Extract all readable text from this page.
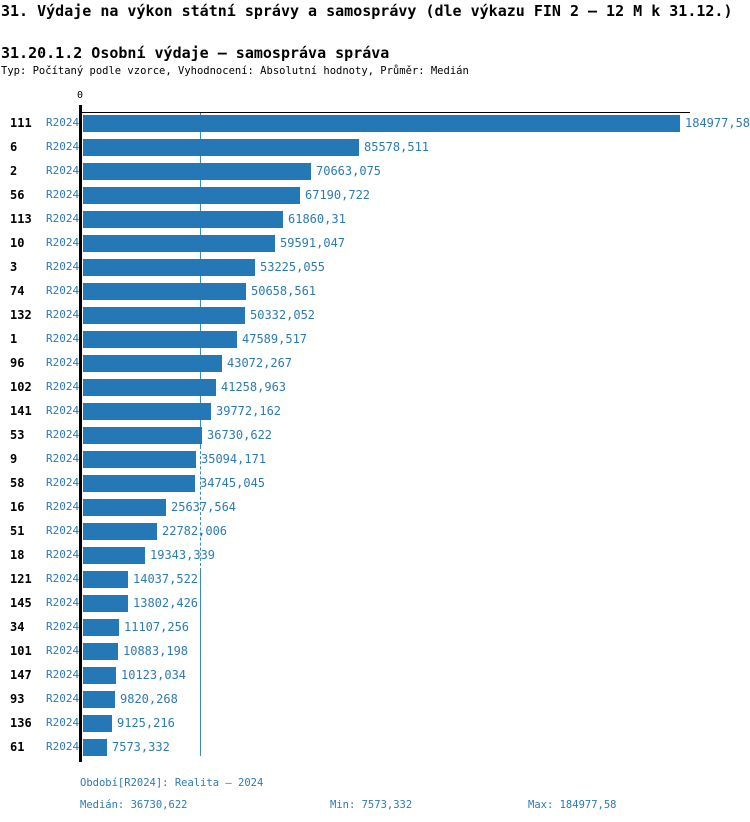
31. Výdaje na výkon státní správy a samosprávy (dle výkazu FIN 2 – 12 M k 31.12.)
31.20.1.2 Osobní výdaje – samospráva správa
Typ: Počítaný podle vzorce, Vyhodnocení: Absolutní hodnoty, Průměr: Medián
0
111 R2024	184977,58
6	R2024	85578,511
2	R2024	70663,075
56 R2024	67190,722
113 R2024	61860,31
10 R2024	59591,047
3	R2024	53225,055
74 R2024	50658,561
132 R2024	50332,052
1	R2024	47589,517
96 R2024	43072,267
102 R2024	41258,963
141 R2024	39772,162
53 R2024	36730,622
9	R2024	35094,171
58 R2024	34745,045
16 R2024	25637,564
51 R2024	22782,006
18 R2024	19343,339
121 R2024	14037,522
145 R2024	13802,426
34 R2024	11107,256
101 R2024	10883,198
147 R2024	10123,034
93 R2024	9820,268
136 R2024	9125,216
61 R2024	7573,332
Období[R2024]: Realita – 2024
Medián: 36730,622	Min: 7573,332	Max: 184977,58
